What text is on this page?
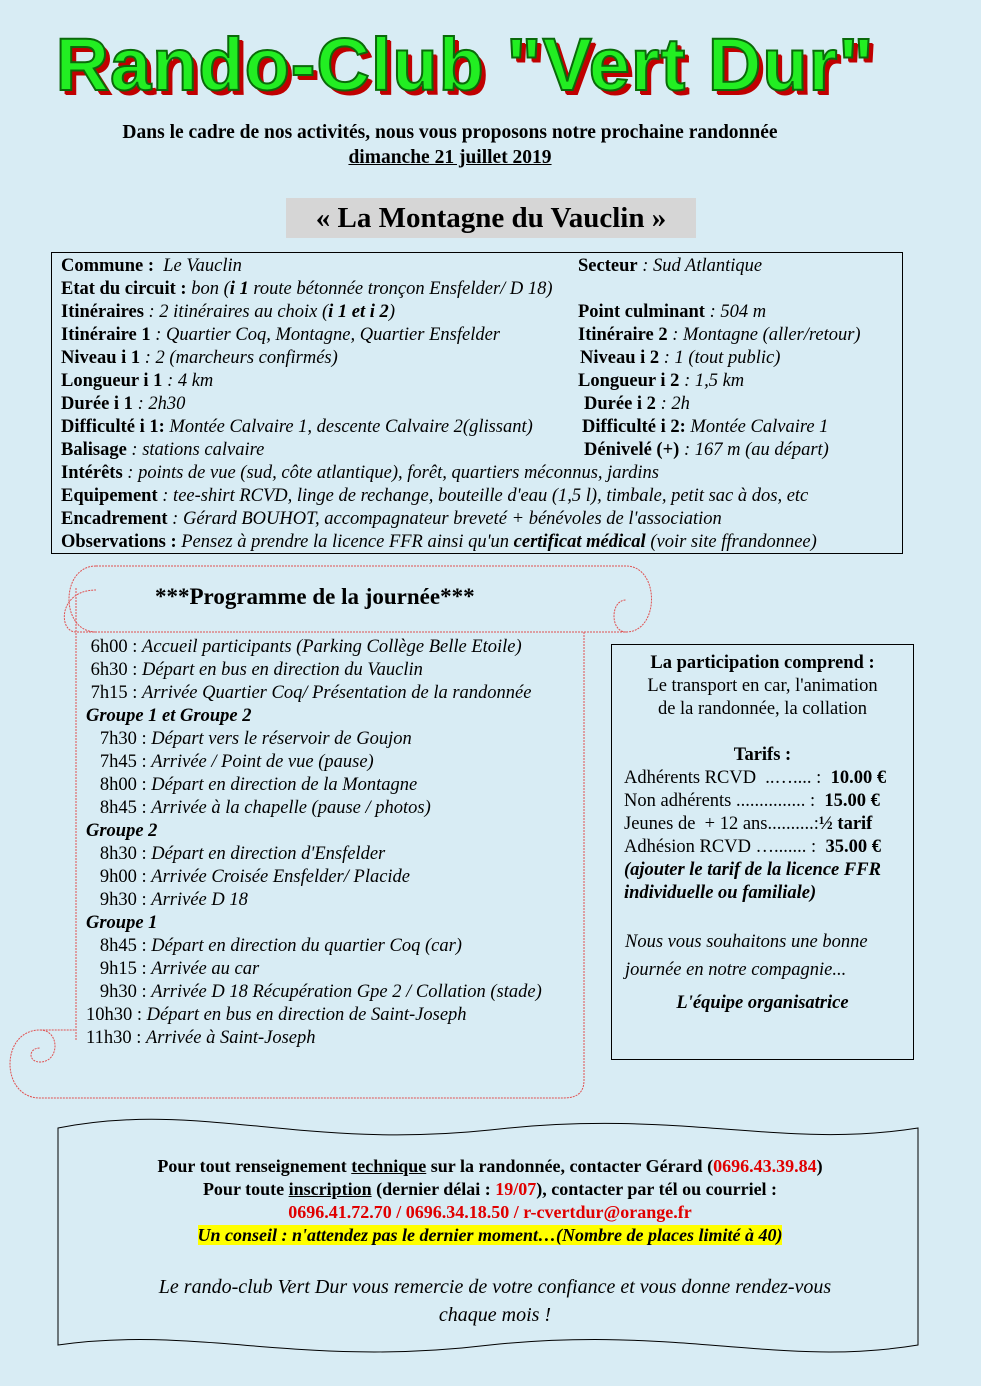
Rando-Club "Vert Dur"
Dans le cadre de nos activités, nous vous proposons notre prochaine randonnée
dimanche 21 juillet 2019
« La Montagne du Vauclin »
Commune : Le Vauclin	Secteur : Sud Atlantique
Etat du circuit : bon (i 1 route bétonnée tronçon Ensfelder/ D 18)
Itinéraires : 2 itinéraires au choix (i 1 et i 2)	Point culminant : 504 m
Itinéraire 1 : Quartier Coq, Montagne, Quartier Ensfelder	Itinéraire 2 : Montagne (aller/retour)
Niveau i 1 : 2 (marcheurs confirmés)	Niveau i 2 : 1 (tout public)
Longueur i 1 : 4 km	Longueur i 2 : 1,5 km
Durée i 1 : 2h30	Durée i 2 : 2h
Difficulté i 1: Montée Calvaire 1, descente Calvaire 2(glissant)	Difficulté i 2: Montée Calvaire 1
Balisage : stations calvaire	Dénivelé (+) : 167 m (au départ)
Intérêts : points de vue (sud, côte atlantique), forêt, quartiers méconnus, jardins
Equipement : tee-shirt RCVD, linge de rechange, bouteille d'eau (1,5 l), timbale, petit sac à dos, etc
Encadrement : Gérard BOUHOT, accompagnateur breveté + bénévoles de l'association
Observations : Pensez à prendre la licence FFR ainsi qu'un certificat médical (voir site ffrandonnee)
***Programme de la journée***
6h00 : Accueil participants (Parking Collège Belle Etoile)
6h30 : Départ en bus en direction du Vauclin
7h15 : Arrivée Quartier Coq/ Présentation de la randonnée
Groupe 1 et Groupe 2
7h30 : Départ vers le réservoir de Goujon
7h45 : Arrivée / Point de vue (pause)
8h00 : Départ en direction de la Montagne
8h45 : Arrivée à la chapelle (pause / photos)
Groupe 2
8h30 : Départ en direction d'Ensfelder
9h00 : Arrivée Croisée Ensfelder/ Placide
9h30 : Arrivée D 18
Groupe 1
8h45 : Départ en direction du quartier Coq (car)
9h15 : Arrivée au car
9h30 : Arrivée D 18 Récupération Gpe 2 / Collation (stade)
10h30 : Départ en bus en direction de Saint-Joseph
11h30 : Arrivée à Saint-Joseph
La participation comprend :
Le transport en car, l'animation
de la randonnée, la collation
Tarifs :
Adhérents RCVD  ..….... :  10.00 €
Non adhérents ............... :  15.00 €
Jeunes de  + 12 ans..........:½ tarif
Adhésion RCVD …....... :  35.00 €
(ajouter le tarif de la licence FFR individuelle ou familiale)
Nous vous souhaitons une bonne
journée en notre compagnie...
L'équipe organisatrice
Pour tout renseignement technique sur la randonnée, contacter Gérard (0696.43.39.84)
Pour toute inscription (dernier délai : 19/07), contacter par tél ou courriel :
0696.41.72.70 / 0696.34.18.50 / r-cvertdur@orange.fr
Un conseil : n'attendez pas le dernier moment…(Nombre de places limité à 40)
Le rando-club Vert Dur vous remercie de votre confiance et vous donne rendez-vous
chaque mois !
